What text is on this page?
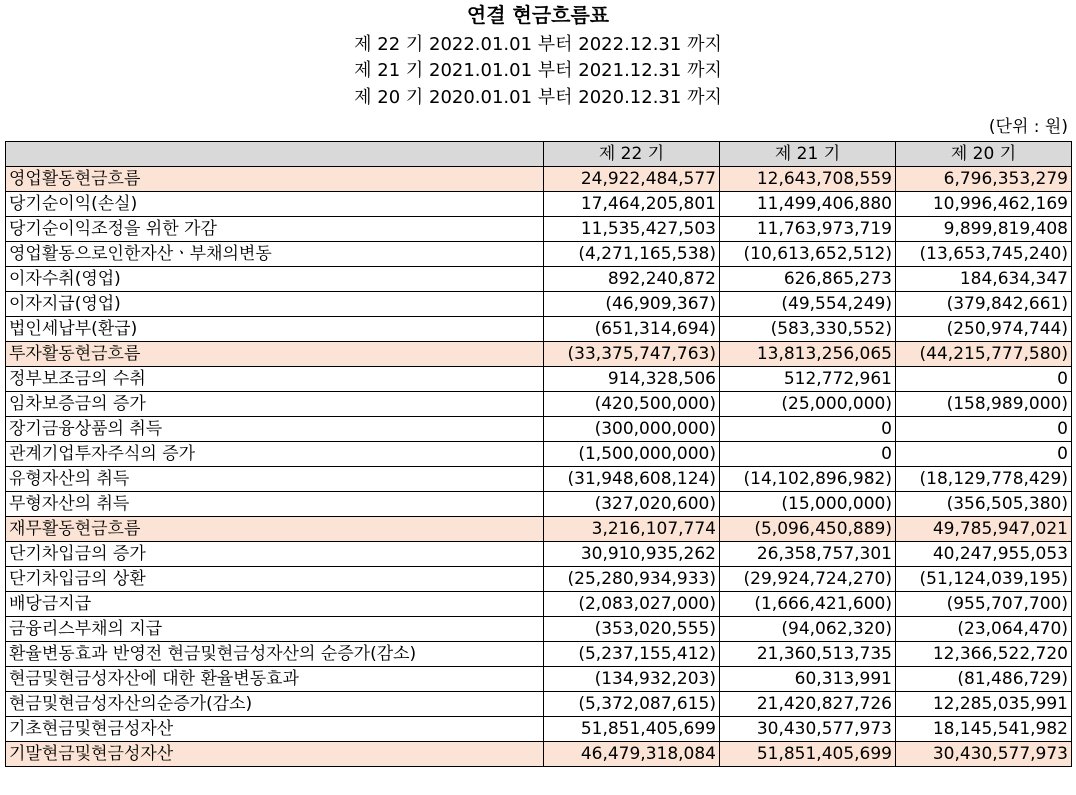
연결 현금흐름표
제 22 기 2022.01.01 부터 2022.12.31 까지
제 21 기 2021.01.01 부터 2021.12.31 까지
제 20 기 2020.01.01 부터 2020.12.31 까지
(단위 : 원)
	제 22 기	제 21 기	제 20 기
영업활동현금흐름	24,922,484,577	12,643,708,559	6,796,353,279
당기순이익(손실)	17,464,205,801	11,499,406,880	10,996,462,169
당기순이익조정을 위한 가감	11,535,427,503	11,763,973,719	9,899,819,408
영업활동으로인한자산ㆍ부채의변동	(4,271,165,538)	(10,613,652,512)	(13,653,745,240)
이자수취(영업)	892,240,872	626,865,273	184,634,347
이자지급(영업)	(46,909,367)	(49,554,249)	(379,842,661)
법인세납부(환급)	(651,314,694)	(583,330,552)	(250,974,744)
투자활동현금흐름	(33,375,747,763)	13,813,256,065	(44,215,777,580)
정부보조금의 수취	914,328,506	512,772,961	0
임차보증금의 증가	(420,500,000)	(25,000,000)	(158,989,000)
장기금융상품의 취득	(300,000,000)	0	0
관계기업투자주식의 증가	(1,500,000,000)	0	0
유형자산의 취득	(31,948,608,124)	(14,102,896,982)	(18,129,778,429)
무형자산의 취득	(327,020,600)	(15,000,000)	(356,505,380)
재무활동현금흐름	3,216,107,774	(5,096,450,889)	49,785,947,021
단기차입금의 증가	30,910,935,262	26,358,757,301	40,247,955,053
단기차입금의 상환	(25,280,934,933)	(29,924,724,270)	(51,124,039,195)
배당금지급	(2,083,027,000)	(1,666,421,600)	(955,707,700)
금융리스부채의 지급	(353,020,555)	(94,062,320)	(23,064,470)
환율변동효과 반영전 현금및현금성자산의 순증가(감소)	(5,237,155,412)	21,360,513,735	12,366,522,720
현금및현금성자산에 대한 환율변동효과	(134,932,203)	60,313,991	(81,486,729)
현금및현금성자산의순증가(감소)	(5,372,087,615)	21,420,827,726	12,285,035,991
기초현금및현금성자산	51,851,405,699	30,430,577,973	18,145,541,982
기말현금및현금성자산	46,479,318,084	51,851,405,699	30,430,577,973
